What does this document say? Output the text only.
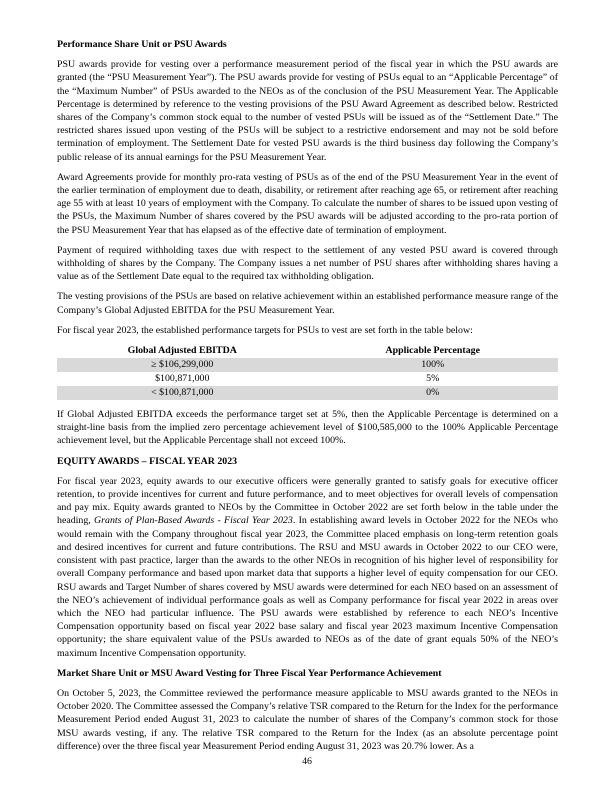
Performance Share Unit or PSU Awards

PSU awards provide for vesting over a performance measurement period of the fiscal year in which the PSU awards are granted (the “PSU Measurement Year”). The PSU awards provide for vesting of PSUs equal to an “Applicable Percentage” of the “Maximum Number” of PSUs awarded to the NEOs as of the conclusion of the PSU Measurement Year. The Applicable Percentage is determined by reference to the vesting provisions of the PSU Award Agreement as described below. Restricted shares of the Company’s common stock equal to the number of vested PSUs will be issued as of the “Settlement Date.” The restricted shares issued upon vesting of the PSUs will be subject to a restrictive endorsement and may not be sold before termination of employment. The Settlement Date for vested PSU awards is the third business day following the Company’s public release of its annual earnings for the PSU Measurement Year.

Award Agreements provide for monthly pro-rata vesting of PSUs as of the end of the PSU Measurement Year in the event of the earlier termination of employment due to death, disability, or retirement after reaching age 65, or retirement after reaching age 55 with at least 10 years of employment with the Company. To calculate the number of shares to be issued upon vesting of the PSUs, the Maximum Number of shares covered by the PSU awards will be adjusted according to the pro-rata portion of the PSU Measurement Year that has elapsed as of the effective date of termination of employment.

Payment of required withholding taxes due with respect to the settlement of any vested PSU award is covered through withholding of shares by the Company. The Company issues a net number of PSU shares after withholding shares having a value as of the Settlement Date equal to the required tax withholding obligation.

The vesting provisions of the PSUs are based on relative achievement within an established performance measure range of the Company’s Global Adjusted EBITDA for the PSU Measurement Year.

For fiscal year 2023, the established performance targets for PSUs to vest are set forth in the table below:

Global Adjusted EBITDA	Applicable Percentage
≥ $106,299,000	100%
$100,871,000	5%
< $100,871,000	0%

If Global Adjusted EBITDA exceeds the performance target set at 5%, then the Applicable Percentage is determined on a straight-line basis from the implied zero percentage achievement level of $100,585,000 to the 100% Applicable Percentage achievement level, but the Applicable Percentage shall not exceed 100%.

EQUITY AWARDS – FISCAL YEAR 2023

For fiscal year 2023, equity awards to our executive officers were generally granted to satisfy goals for executive officer retention, to provide incentives for current and future performance, and to meet objectives for overall levels of compensation and pay mix. Equity awards granted to NEOs by the Committee in October 2022 are set forth below in the table under the heading, Grants of Plan-Based Awards - Fiscal Year 2023. In establishing award levels in October 2022 for the NEOs who would remain with the Company throughout fiscal year 2023, the Committee placed emphasis on long-term retention goals and desired incentives for current and future contributions. The RSU and MSU awards in October 2022 to our CEO were, consistent with past practice, larger than the awards to the other NEOs in recognition of his higher level of responsibility for overall Company performance and based upon market data that supports a higher level of equity compensation for our CEO. RSU awards and Target Number of shares covered by MSU awards were determined for each NEO based on an assessment of the NEO’s achievement of individual performance goals as well as Company performance for fiscal year 2022 in areas over which the NEO had particular influence. The PSU awards were established by reference to each NEO’s Incentive Compensation opportunity based on fiscal year 2022 base salary and fiscal year 2023 maximum Incentive Compensation opportunity; the share equivalent value of the PSUs awarded to NEOs as of the date of grant equals 50% of the NEO’s maximum Incentive Compensation opportunity.

Market Share Unit or MSU Award Vesting for Three Fiscal Year Performance Achievement

On October 5, 2023, the Committee reviewed the performance measure applicable to MSU awards granted to the NEOs in October 2020. The Committee assessed the Company’s relative TSR compared to the Return for the Index for the performance Measurement Period ended August 31, 2023 to calculate the number of shares of the Company’s common stock for those MSU awards vesting, if any. The relative TSR compared to the Return for the Index (as an absolute percentage point difference) over the three fiscal year Measurement Period ending August 31, 2023 was 20.7% lower. As a

46
